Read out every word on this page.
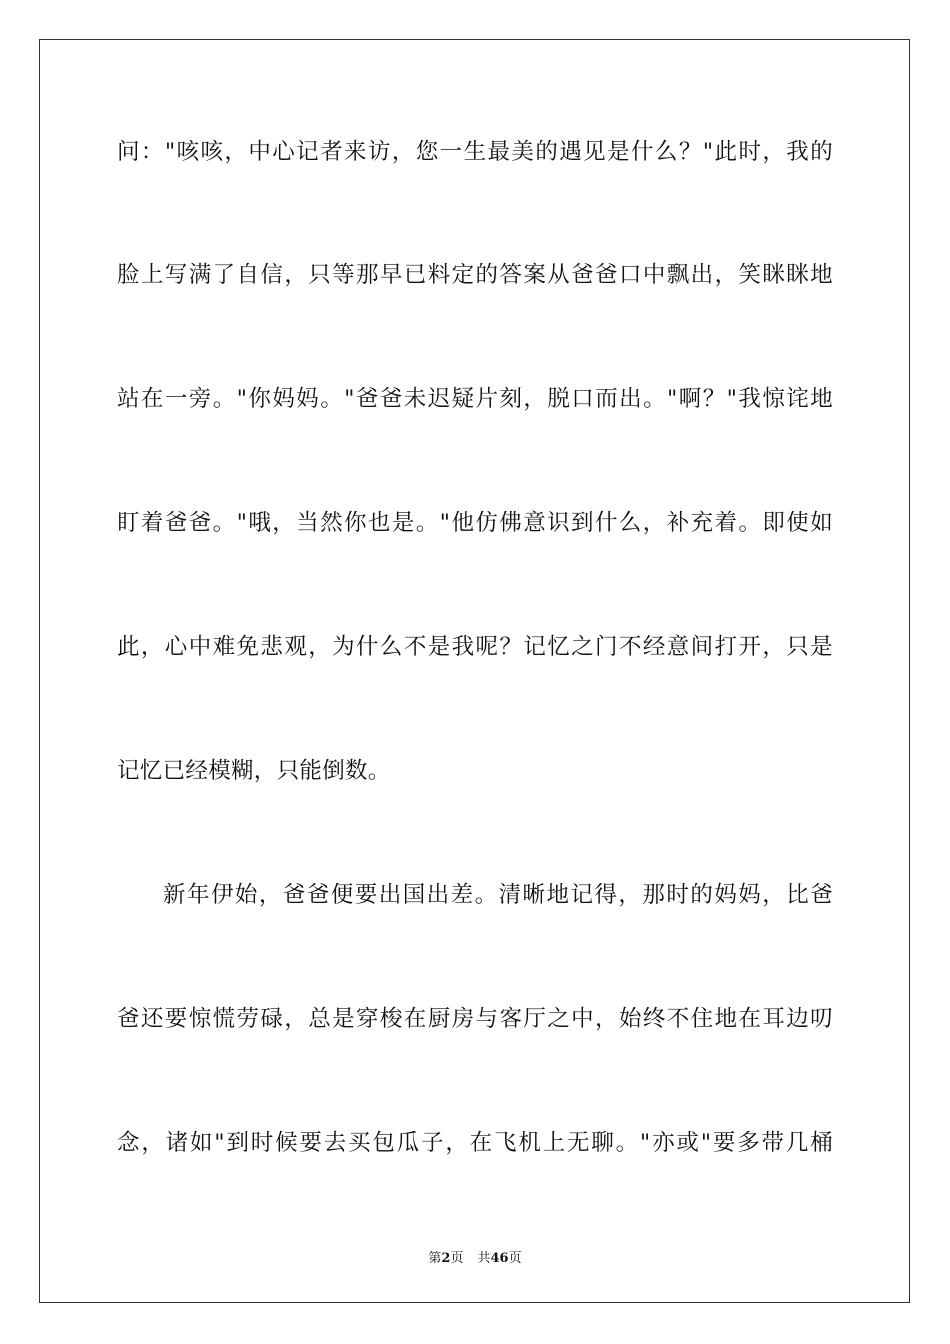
问："咳咳，中心记者来访，您一生最美的遇见是什么？"此时，我的
脸上写满了自信，只等那早已料定的答案从爸爸口中飘出，笑眯眯地
站在一旁。"你妈妈。"爸爸未迟疑片刻，脱口而出。"啊？"我惊诧地
盯着爸爸。"哦，当然你也是。"他仿佛意识到什么，补充着。即使如
此，心中难免悲观，为什么不是我呢？记忆之门不经意间打开，只是
记忆已经模糊，只能倒数。
新年伊始，爸爸便要出国出差。清晰地记得，那时的妈妈，比爸
爸还要惊慌劳碌，总是穿梭在厨房与客厅之中，始终不住地在耳边叨
念，诸如"到时候要去买包瓜子，在飞机上无聊。"亦或"要多带几桶
第2页 共46页
